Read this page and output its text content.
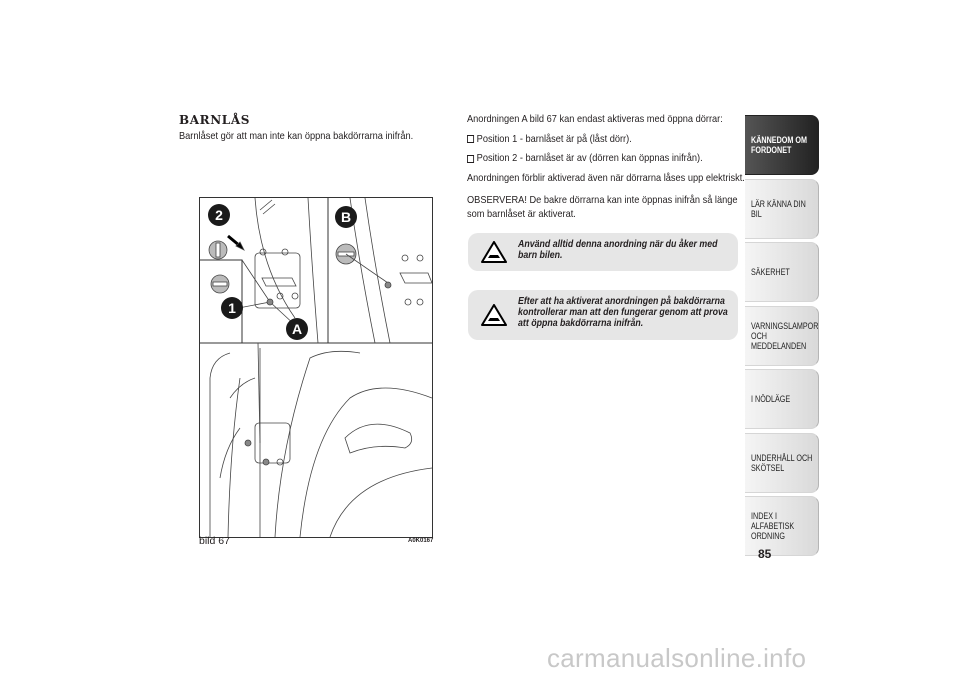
BARNLÅS
Barnlåset gör att man inte kan öppna bakdörrarna inifrån.
2
1
A
B
bild 67	A0K0167

Anordningen A bild 67 kan endast aktiveras med öppna dörrar:

Position 1 - barnlåset är på (låst dörr).

Position 2 - barnlåset är av (dörren kan öppnas inifrån).

Anordningen förblir aktiverad även när dörrarna låses upp elektriskt.

OBSERVERA! De bakre dörrarna kan inte öppnas inifrån så länge som barnlåset är aktiverat.

Använd alltid denna anordning när du åker med barn bilen.
Efter att ha aktiverat anordningen på bakdörrarna kontrollerar man att den fungerar genom att prova att öppna bakdörrarna inifrån.
KÄNNEDOM OM FORDONET
LÄR KÄNNA DIN BIL
SÄKERHET
VARNINGSLAMPOR OCH MEDDELANDEN
I NÖDLÄGE
UNDERHÅLL OCH SKÖTSEL
INDEX I ALFABETISK ORDNING
85
carmanualsonline.info
